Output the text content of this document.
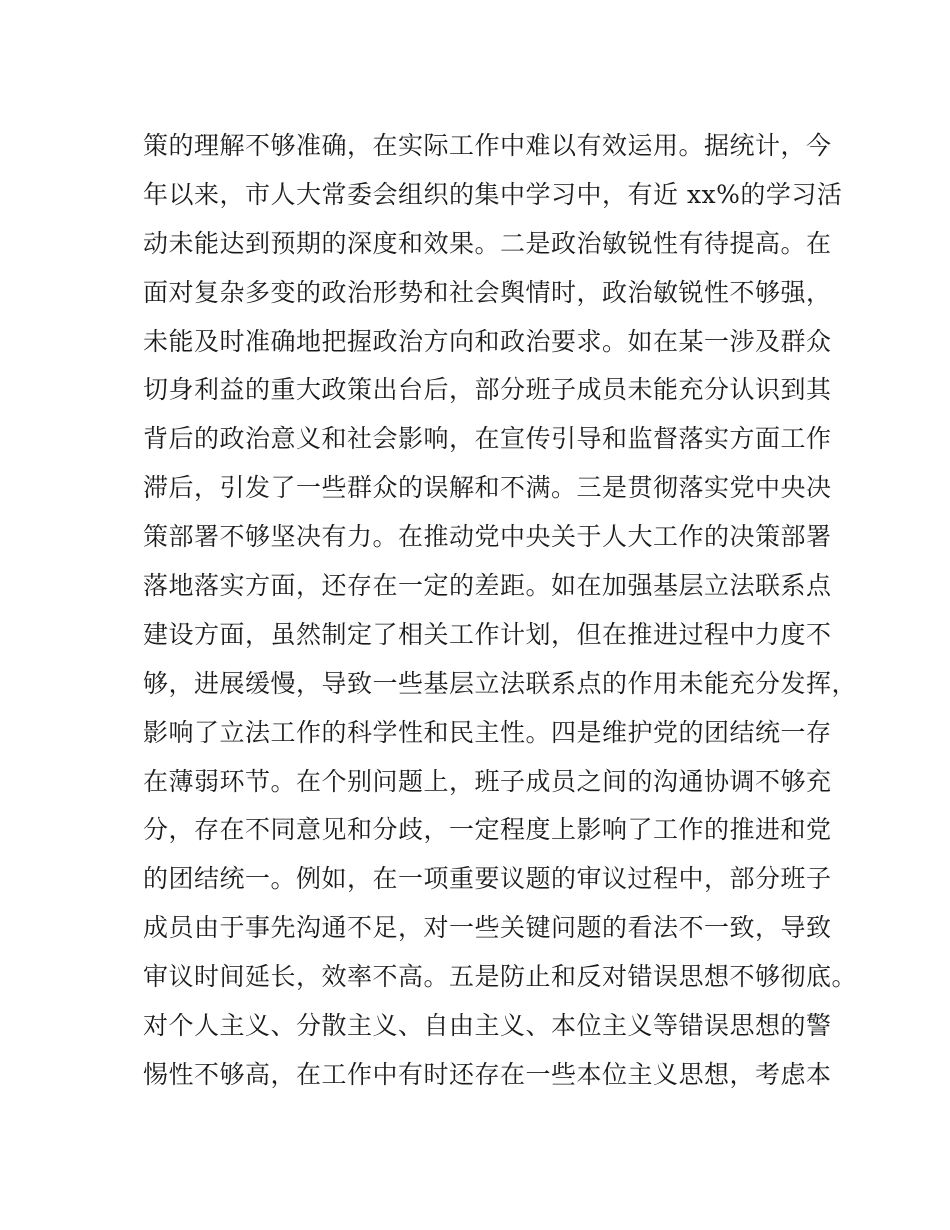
策的理解不够准确，在实际工作中难以有效运用。据统计，今
年以来，市人大常委会组织的集中学习中，有近 xx%的学习活
动未能达到预期的深度和效果。二是政治敏锐性有待提高。在
面对复杂多变的政治形势和社会舆情时，政治敏锐性不够强，
未能及时准确地把握政治方向和政治要求。如在某一涉及群众
切身利益的重大政策出台后，部分班子成员未能充分认识到其
背后的政治意义和社会影响，在宣传引导和监督落实方面工作
滞后，引发了一些群众的误解和不满。三是贯彻落实党中央决
策部署不够坚决有力。在推动党中央关于人大工作的决策部署
落地落实方面，还存在一定的差距。如在加强基层立法联系点
建设方面，虽然制定了相关工作计划，但在推进过程中力度不
够，进展缓慢，导致一些基层立法联系点的作用未能充分发挥，
影响了立法工作的科学性和民主性。四是维护党的团结统一存
在薄弱环节。在个别问题上，班子成员之间的沟通协调不够充
分，存在不同意见和分歧，一定程度上影响了工作的推进和党
的团结统一。例如，在一项重要议题的审议过程中，部分班子
成员由于事先沟通不足，对一些关键问题的看法不一致，导致
审议时间延长，效率不高。五是防止和反对错误思想不够彻底。
对个人主义、分散主义、自由主义、本位主义等错误思想的警
惕性不够高，在工作中有时还存在一些本位主义思想，考虑本
